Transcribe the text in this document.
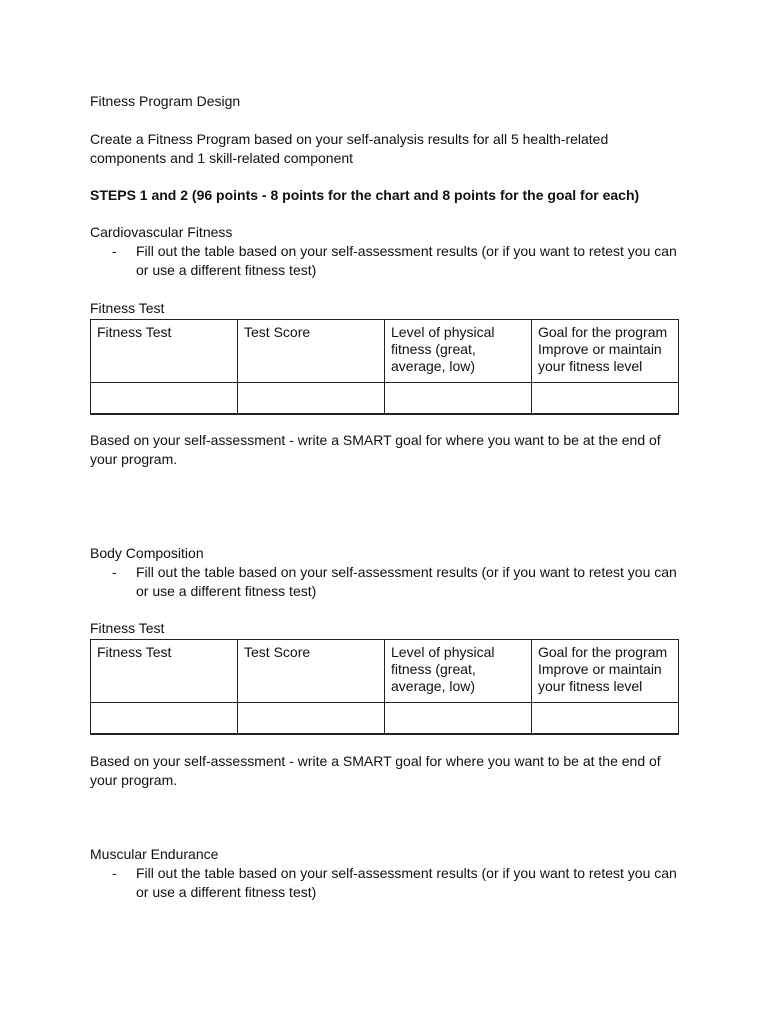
Fitness Program Design
Create a Fitness Program based on your self-analysis results for all 5 health-related components and 1 skill-related component
STEPS 1 and 2 (96 points - 8 points for the chart and 8 points for the goal for each)
Cardiovascular Fitness
- Fill out the table based on your self-assessment results (or if you want to retest you can or use a different fitness test)
Fitness Test
Fitness Test	Test Score	Level of physical fitness (great, average, low)	Goal for the program Improve or maintain your fitness level

Based on your self-assessment - write a SMART goal for where you want to be at the end of your program.
Body Composition
- Fill out the table based on your self-assessment results (or if you want to retest you can or use a different fitness test)
Fitness Test
Fitness Test	Test Score	Level of physical fitness (great, average, low)	Goal for the program Improve or maintain your fitness level

Based on your self-assessment - write a SMART goal for where you want to be at the end of your program.
Muscular Endurance
- Fill out the table based on your self-assessment results (or if you want to retest you can or use a different fitness test)
